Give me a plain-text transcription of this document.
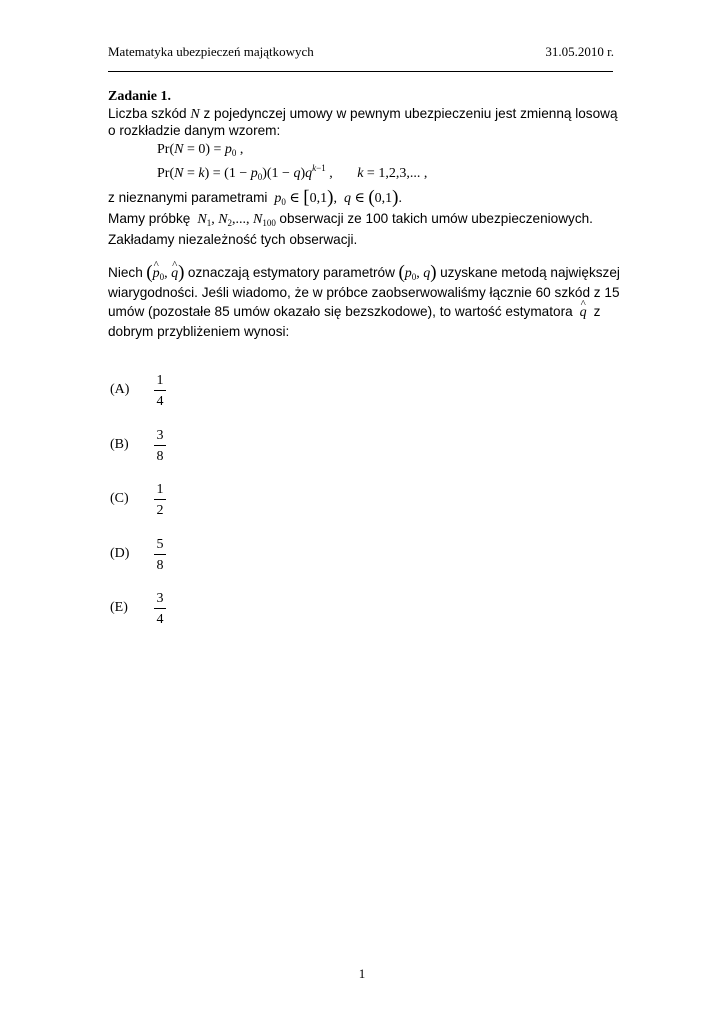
Matematyka ubezpieczeń majątkowych	31.05.2010 r.
Zadanie 1.
Liczba szkód N z pojedynczej umowy w pewnym ubezpieczeniu jest zmienną losową
o rozkładzie danym wzorem:
$Pr(N = 0) = p_0$ ,
$Pr(N = k) = (1 - p_0)(1 - q)q^{k-1}$ ,       k = 1,2,3,... ,
z nieznanymi parametrami $p_0$ ∈ [0,1),  q ∈ (0,1).
Mamy próbkę $N_1$, $N_2$,..., $N_{100}$ obserwacji ze 100 takich umów ubezpieczeniowych.
Zakładamy niezależność tych obserwacji.
Niech (^ $p_0$, ^ q) oznaczają estymatory parametrów ($p_0$, q) uzyskane metodą największej
wiarygodności. Jeśli wiadomo, że w próbce zaobserwowaliśmy łącznie 60 szkód z 15
umów (pozostałe 85 umów okazało się bezszkodowe), to wartość estymatora  ^ q z
dobrym przybliżeniem wynosi:
(A)
1
4
(B)
3
8
(C)
1
2
(D)
5
8
(E)
3
4
1
